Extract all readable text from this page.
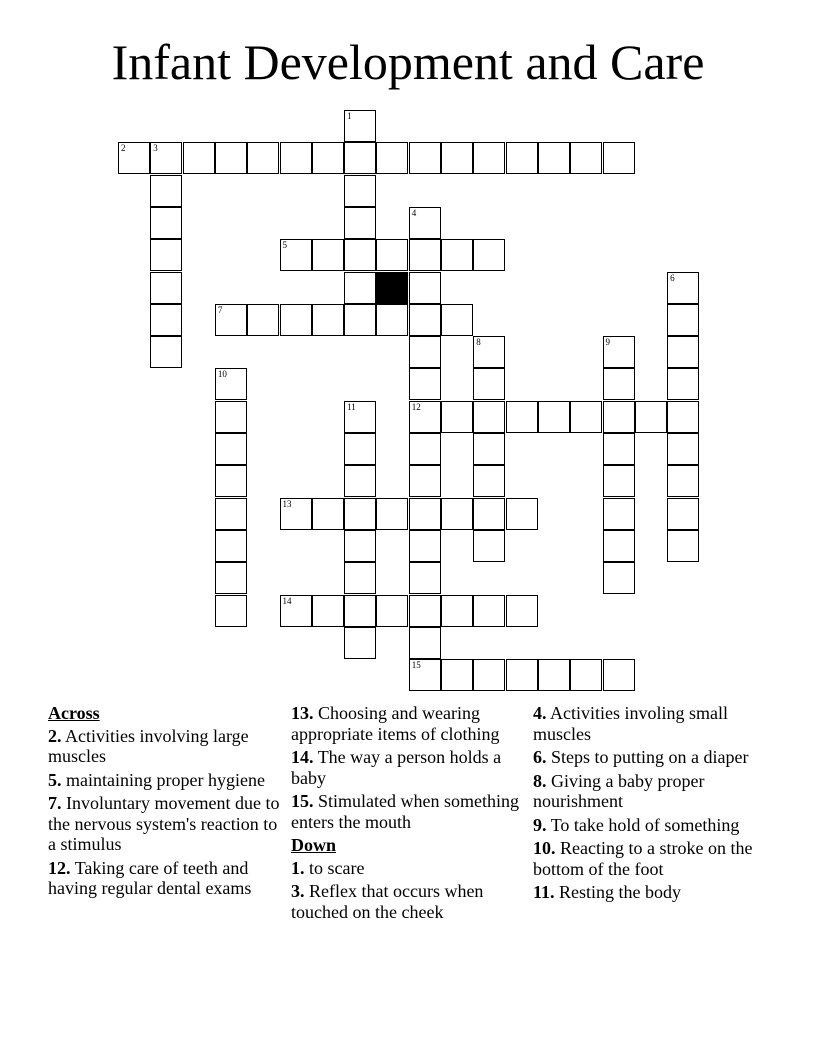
Infant Development and Care
1
2	3
4
5
6
7
8	9
10
11	12
13
14
15
Across
2. Activities involving large muscles
5. maintaining proper hygiene
7. Involuntary movement due to the nervous system's reaction to a stimulus
12. Taking care of teeth and having regular dental exams
13. Choosing and wearing appropriate items of clothing
14. The way a person holds a baby
15. Stimulated when something enters the mouth
Down
1. to scare
3. Reflex that occurs when touched on the cheek
4. Activities involing small muscles
6. Steps to putting on a diaper
8. Giving a baby proper nourishment
9. To take hold of something
10. Reacting to a stroke on the bottom of the foot
11. Resting the body
